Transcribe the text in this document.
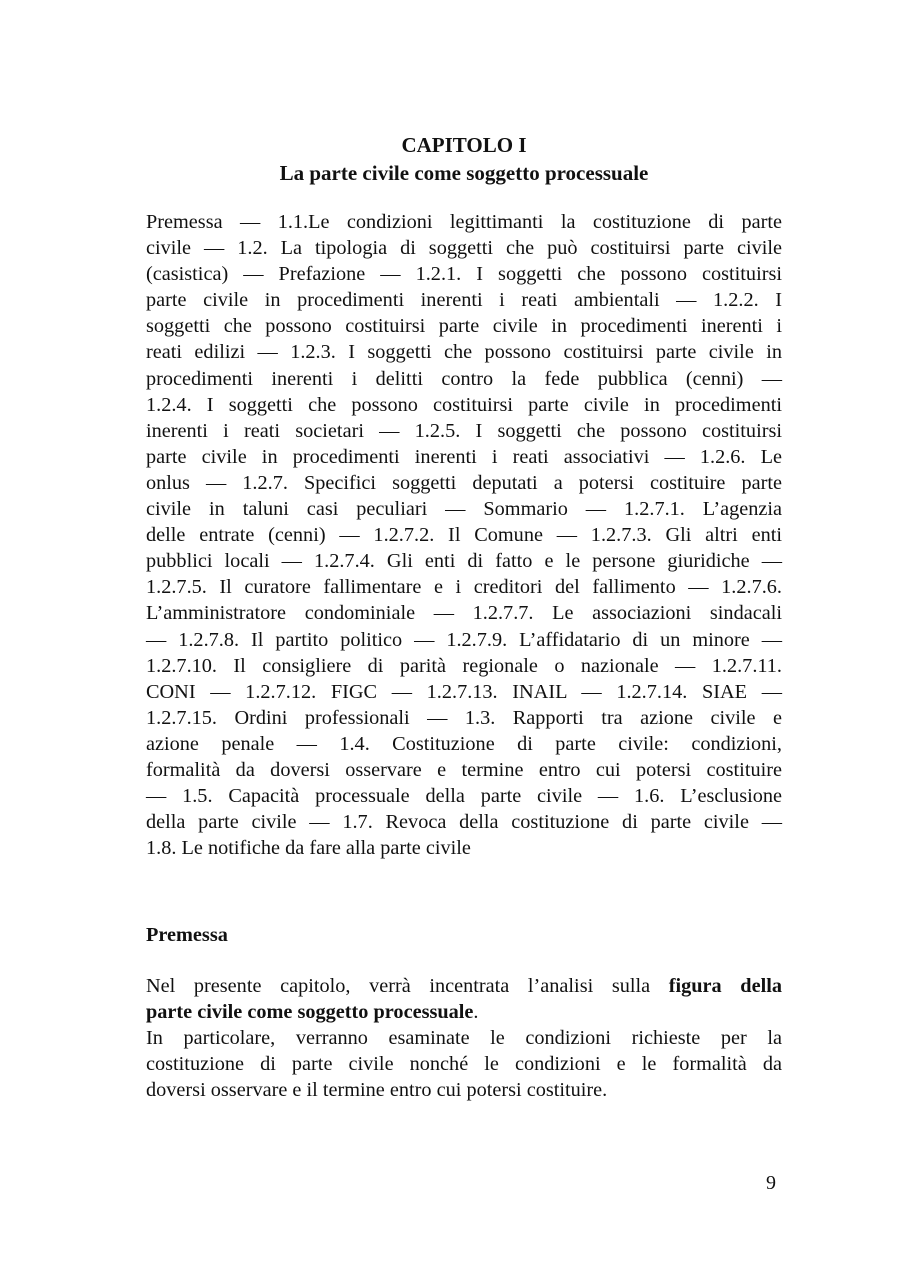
CAPITOLO I
La parte civile come soggetto processuale
Premessa — 1.1.Le condizioni legittimanti la costituzione di parte
civile — 1.2. La tipologia di soggetti che può costituirsi parte civile
(casistica) — Prefazione — 1.2.1. I soggetti che possono costituirsi
parte civile in procedimenti inerenti i reati ambientali — 1.2.2. I
soggetti che possono costituirsi parte civile in procedimenti inerenti i
reati edilizi — 1.2.3. I soggetti che possono costituirsi parte civile in
procedimenti inerenti i delitti contro la fede pubblica (cenni) —
1.2.4. I soggetti che possono costituirsi parte civile in procedimenti
inerenti i reati societari — 1.2.5. I soggetti che possono costituirsi
parte civile in procedimenti inerenti i reati associativi — 1.2.6. Le
onlus — 1.2.7. Specifici soggetti deputati a potersi costituire parte
civile in taluni casi peculiari — Sommario — 1.2.7.1. L’agenzia
delle entrate (cenni) — 1.2.7.2. Il Comune — 1.2.7.3. Gli altri enti
pubblici locali — 1.2.7.4. Gli enti di fatto e le persone giuridiche —
1.2.7.5. Il curatore fallimentare e i creditori del fallimento — 1.2.7.6.
L’amministratore condominiale — 1.2.7.7. Le associazioni sindacali
— 1.2.7.8. Il partito politico — 1.2.7.9. L’affidatario di un minore —
1.2.7.10. Il consigliere di parità regionale o nazionale — 1.2.7.11.
CONI — 1.2.7.12. FIGC — 1.2.7.13. INAIL — 1.2.7.14. SIAE —
1.2.7.15. Ordini professionali — 1.3. Rapporti tra azione civile e
azione penale — 1.4. Costituzione di parte civile: condizioni,
formalità da doversi osservare e termine entro cui potersi costituire
— 1.5. Capacità processuale della parte civile — 1.6. L’esclusione
della parte civile — 1.7. Revoca della costituzione di parte civile —
1.8. Le notifiche da fare alla parte civile
Premessa
Nel presente capitolo, verrà incentrata l’analisi sulla figura della
parte civile come soggetto processuale.
In particolare, verranno esaminate le condizioni richieste per la
costituzione di parte civile nonché le condizioni e le formalità da
doversi osservare e il termine entro cui potersi costituire.
9
